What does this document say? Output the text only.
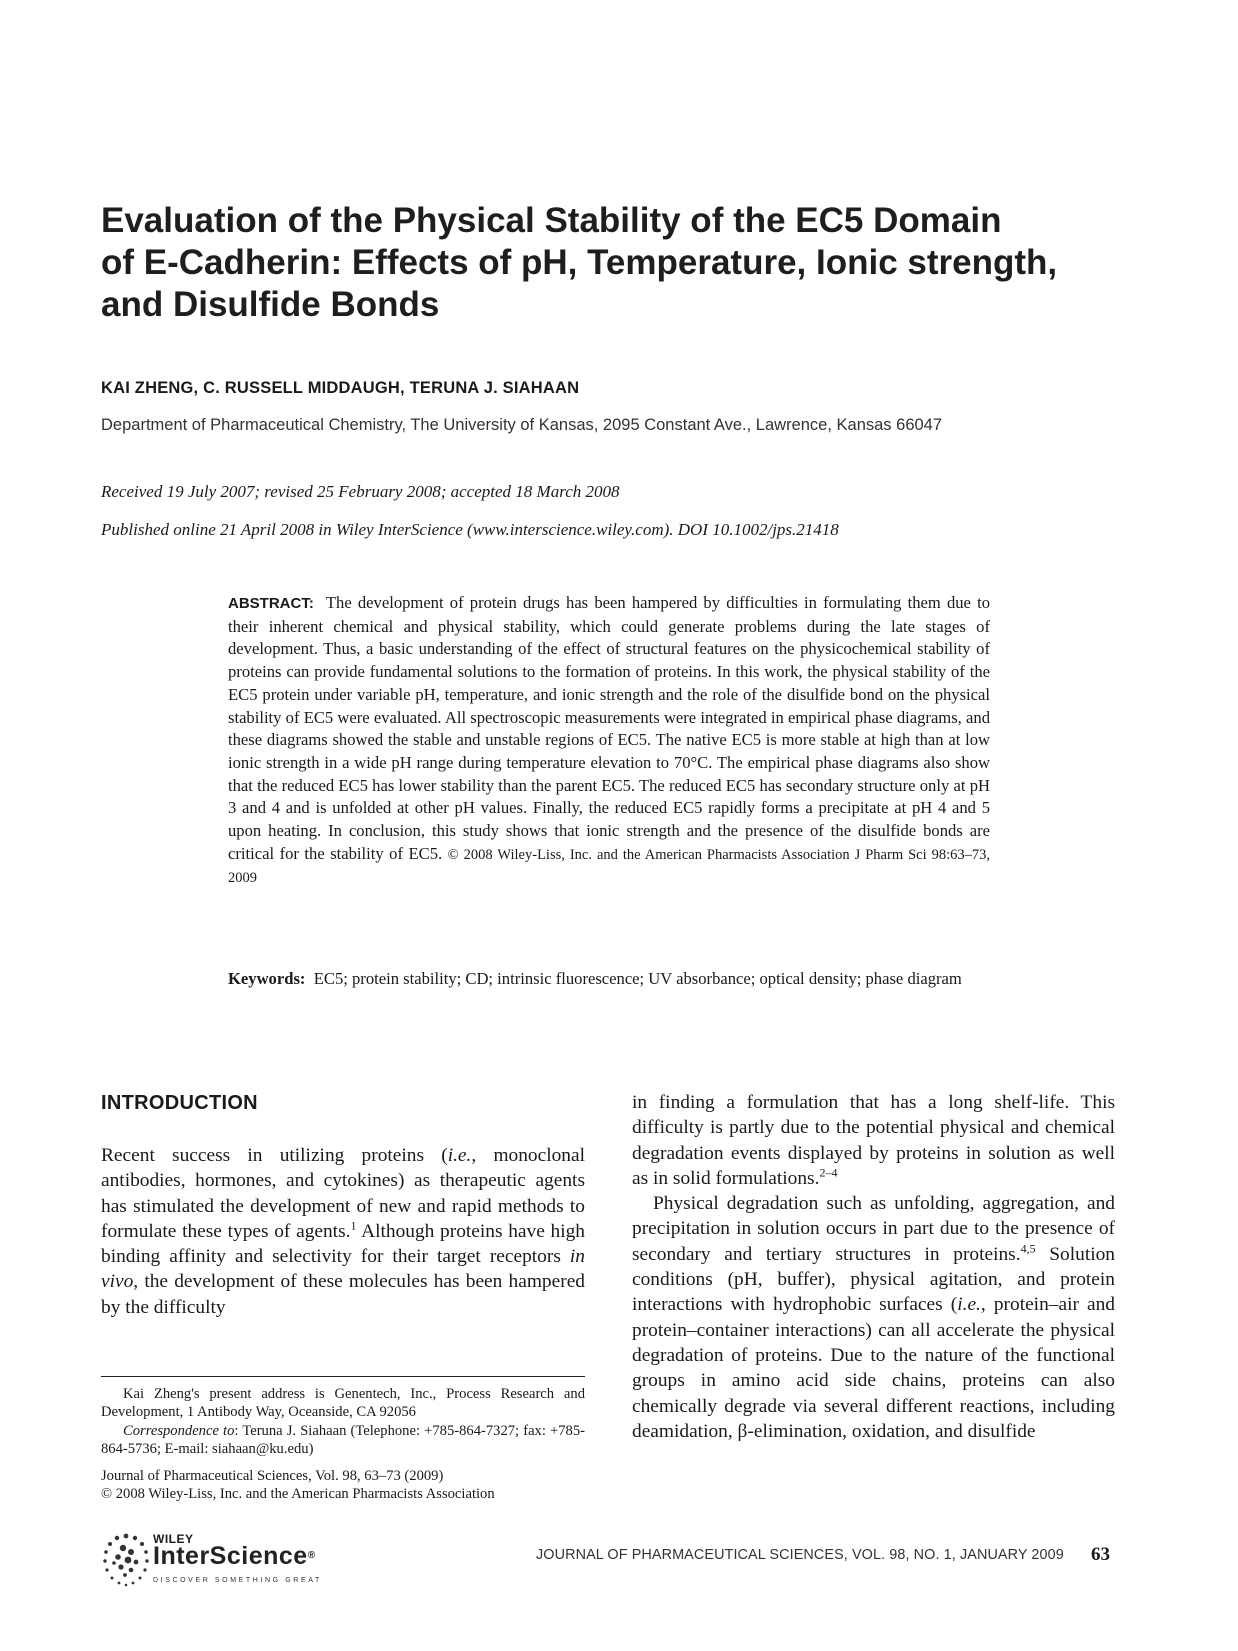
Evaluation of the Physical Stability of the EC5 Domain
of E-Cadherin: Effects of pH, Temperature, Ionic strength,
and Disulfide Bonds
KAI ZHENG, C. RUSSELL MIDDAUGH, TERUNA J. SIAHAAN
Department of Pharmaceutical Chemistry, The University of Kansas, 2095 Constant Ave., Lawrence, Kansas 66047
Received 19 July 2007; revised 25 February 2008; accepted 18 March 2008
Published online 21 April 2008 in Wiley InterScience (www.interscience.wiley.com). DOI 10.1002/jps.21418
ABSTRACT: The development of protein drugs has been hampered by difficulties in formulating them due to their inherent chemical and physical stability, which could generate problems during the late stages of development. Thus, a basic understanding of the effect of structural features on the physicochemical stability of proteins can provide fundamental solutions to the formation of proteins. In this work, the physical stability of the EC5 protein under variable pH, temperature, and ionic strength and the role of the disulfide bond on the physical stability of EC5 were evaluated. All spectroscopic measurements were integrated in empirical phase diagrams, and these diagrams showed the stable and unstable regions of EC5. The native EC5 is more stable at high than at low ionic strength in a wide pH range during temperature elevation to 70°C. The empirical phase diagrams also show that the reduced EC5 has lower stability than the parent EC5. The reduced EC5 has secondary structure only at pH 3 and 4 and is unfolded at other pH values. Finally, the reduced EC5 rapidly forms a precipitate at pH 4 and 5 upon heating. In conclusion, this study shows that ionic strength and the presence of the disulfide bonds are critical for the stability of EC5. © 2008 Wiley-Liss, Inc. and the American Pharmacists Association J Pharm Sci 98:63–73, 2009
Keywords: EC5; protein stability; CD; intrinsic fluorescence; UV absorbance; optical density; phase diagram
INTRODUCTION
Recent success in utilizing proteins (i.e., monoclonal antibodies, hormones, and cytokines) as therapeutic agents has stimulated the development of new and rapid methods to formulate these types of agents.$^1$ Although proteins have high binding affinity and selectivity for their target receptors in vivo, the development of these molecules has been hampered by the difficulty

in finding a formulation that has a long shelf-life. This difficulty is partly due to the potential physical and chemical degradation events displayed by proteins in solution as well as in solid formulations.$^{2-4}$

Physical degradation such as unfolding, aggregation, and precipitation in solution occurs in part due to the presence of secondary and tertiary structures in proteins.$^{4,5}$ Solution conditions (pH, buffer), physical agitation, and protein interactions with hydrophobic surfaces (i.e., protein–air and protein–container interactions) can all accelerate the physical degradation of proteins. Due to the nature of the functional groups in amino acid side chains, proteins can also chemically degrade via several different reactions, including deamidation, β-elimination, oxidation, and disulfide

Kai Zheng's present address is Genentech, Inc., Process Research and Development, 1 Antibody Way, Oceanside, CA 92056

Correspondence to: Teruna J. Siahaan (Telephone: +785-864-7327; fax: +785-864-5736; E-mail: siahaan@ku.edu)

Journal of Pharmaceutical Sciences, Vol. 98, 63–73 (2009)

© 2008 Wiley-Liss, Inc. and the American Pharmacists Association

WILEY
InterScience®
DISCOVER SOMETHING GREAT
JOURNAL OF PHARMACEUTICAL SCIENCES, VOL. 98, NO. 1, JANUARY 2009 63
